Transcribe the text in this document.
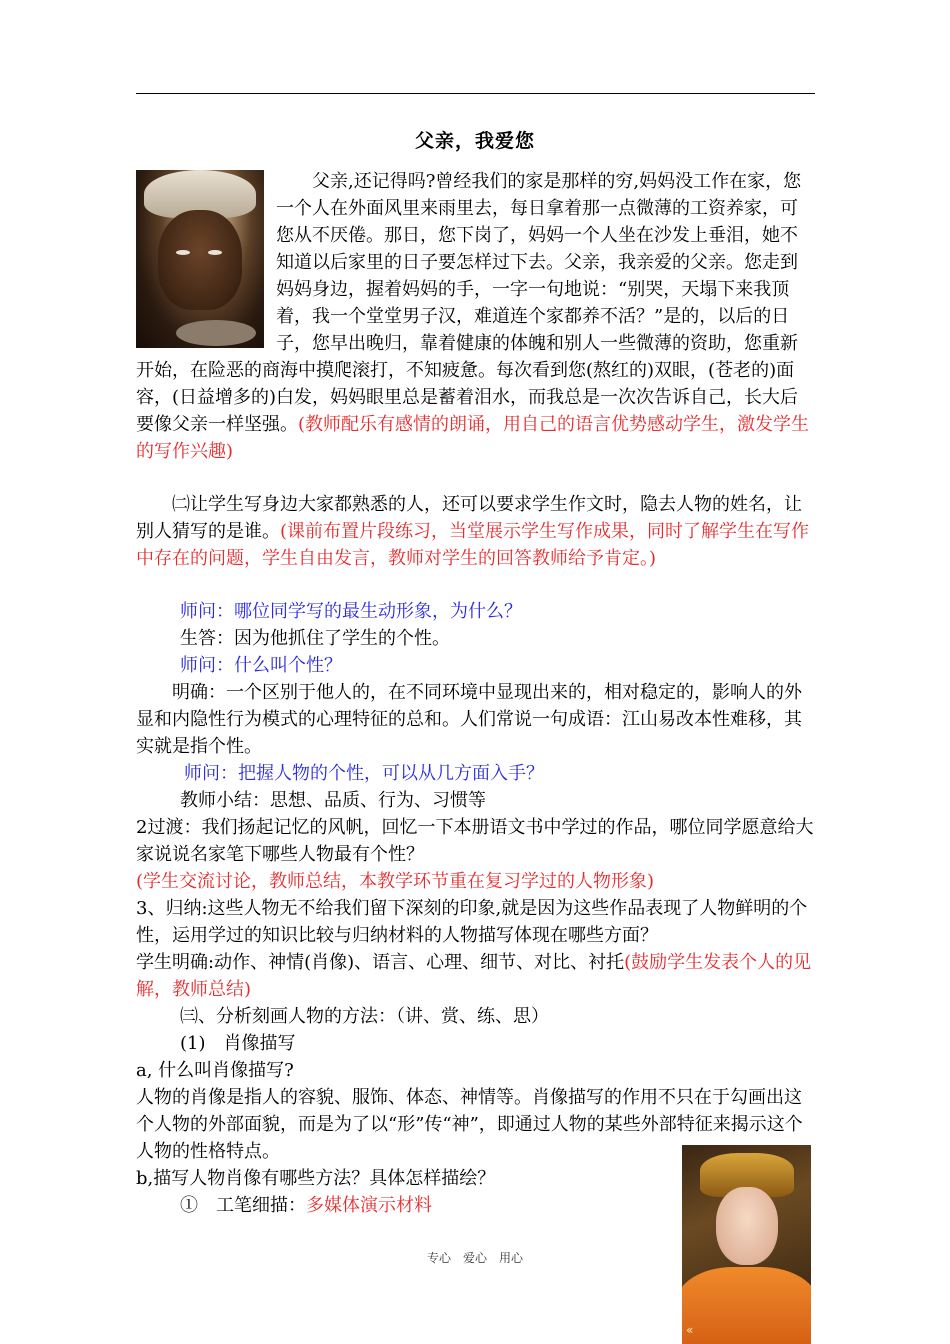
父亲，我爱您

父亲,还记得吗?曾经我们的家是那样的穷,妈妈没工作在家，您一个人在外面风里来雨里去，每日拿着那一点微薄的工资养家，可您从不厌倦。那日，您下岗了，妈妈一个人坐在沙发上垂泪，她不知道以后家里的日子要怎样过下去。父亲，我亲爱的父亲。您走到妈妈身边，握着妈妈的手，一字一句地说：“别哭，天塌下来我顶着，我一个堂堂男子汉，难道连个家都养不活？”是的，以后的日子，您早出晚归，靠着健康的体魄和别人一些微薄的资助，您重新开始，在险恶的商海中摸爬滚打，不知疲惫。每次看到您(熬红的)双眼，(苍老的)面容，(日益增多的)白发，妈妈眼里总是蓄着泪水，而我总是一次次告诉自己，长大后要像父亲一样坚强。(教师配乐有感情的朗诵，用自己的语言优势感动学生，激发学生的写作兴趣)

㈡让学生写身边大家都熟悉的人，还可以要求学生作文时，隐去人物的姓名，让别人猜写的是谁。(课前布置片段练习，当堂展示学生写作成果，同时了解学生在写作中存在的问题，学生自由发言，教师对学生的回答教师给予肯定。)

师问：哪位同学写的最生动形象，为什么？

生答：因为他抓住了学生的个性。

师问：什么叫个性？

明确：一个区别于他人的，在不同环境中显现出来的，相对稳定的，影响人的外显和内隐性行为模式的心理特征的总和。人们常说一句成语：江山易改本性难移，其实就是指个性。

师问：把握人物的个性，可以从几方面入手？

教师小结：思想、品质、行为、习惯等

2过渡：我们扬起记忆的风帆，回忆一下本册语文书中学过的作品，哪位同学愿意给大家说说名家笔下哪些人物最有个性？

(学生交流讨论，教师总结，本教学环节重在复习学过的人物形象)

3、归纳:这些人物无不给我们留下深刻的印象,就是因为这些作品表现了人物鲜明的个性，运用学过的知识比较与归纳材料的人物描写体现在哪些方面？

学生明确:动作、神情(肖像)、语言、心理、细节、对比、衬托(鼓励学生发表个人的见解，教师总结)

㈢、分析刻画人物的方法：（讲、赏、练、思）

(1)　肖像描写

a, 什么叫肖像描写?

人物的肖像是指人的容貌、服饰、体态、神情等。肖像描写的作用不只在于勾画出这个人物的外部面貌，而是为了以“形”传“神”，即通过人物的某些外部特征来揭示这个人物的性格特点。

b,描写人物肖像有哪些方法？具体怎样描绘？

①　工笔细描：多媒体演示材料

«
专心　爱心　用心
